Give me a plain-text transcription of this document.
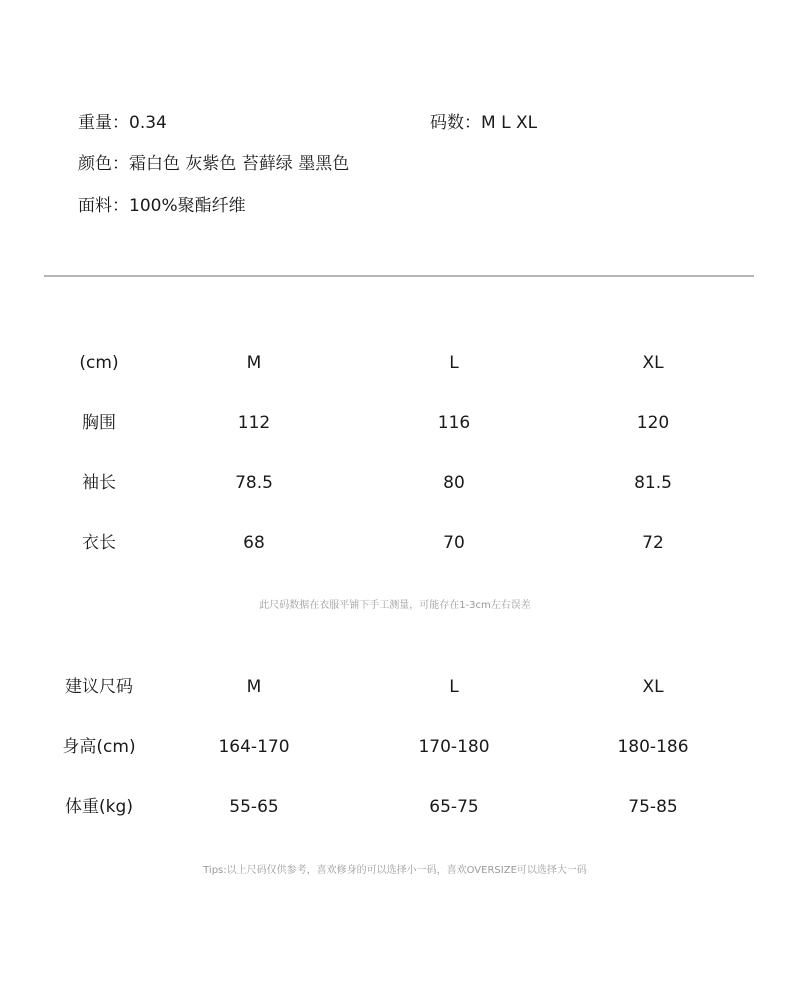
重量：0.34	码数：M L XL
颜色：霜白色 灰紫色 苔藓绿 墨黑色
面料：100%聚酯纤维
(cm)	M	L	XL
胸围	112	116	120
袖长	78.5	80	81.5
衣长	68	70	72
此尺码数据在衣服平铺下手工测量，可能存在1-3cm左右误差
建议尺码	M	L	XL
身高(cm)	164-170	170-180	180-186
体重(kg)	55-65	65-75	75-85
Tips:以上尺码仅供参考，喜欢修身的可以选择小一码，喜欢OVERSIZE可以选择大一码
